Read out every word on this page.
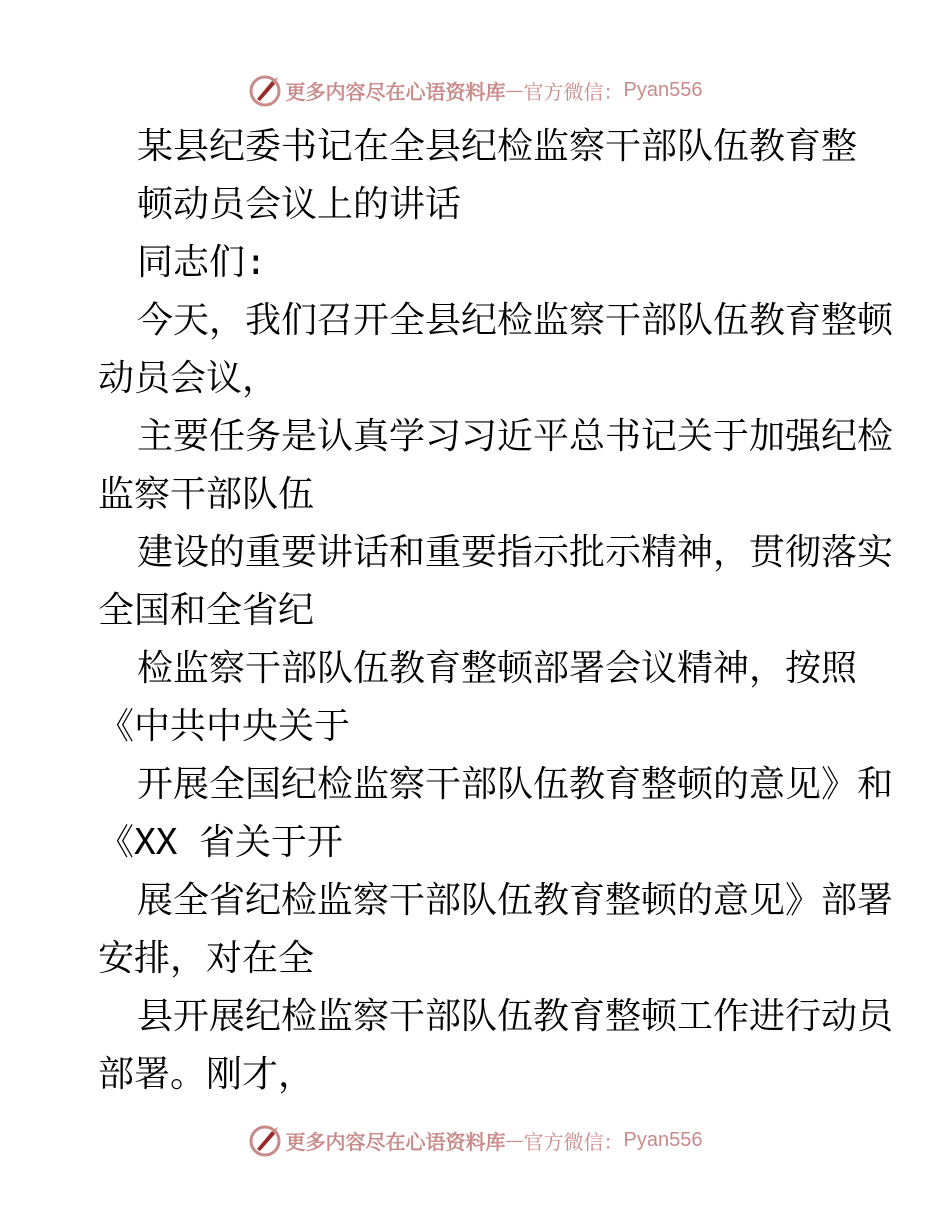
更多内容尽在心语资料库 — 官方微信： Pyan556
某县纪委书记在全县纪检监察干部队伍教育整
顿动员会议上的讲话
同志们:
今天，我们召开全县纪检监察干部队伍教育整顿
动员会议，
主要任务是认真学习习近平总书记关于加强纪检
监察干部队伍
建设的重要讲话和重要指示批示精神，贯彻落实
全国和全省纪
检监察干部队伍教育整顿部署会议精神，按照
《中共中央关于
开展全国纪检监察干部队伍教育整顿的意见》和
《XX 省关于开
展全省纪检监察干部队伍教育整顿的意见》部署
安排，对在全
县开展纪检监察干部队伍教育整顿工作进行动员
部署。刚才，
更多内容尽在心语资料库 — 官方微信： Pyan556
